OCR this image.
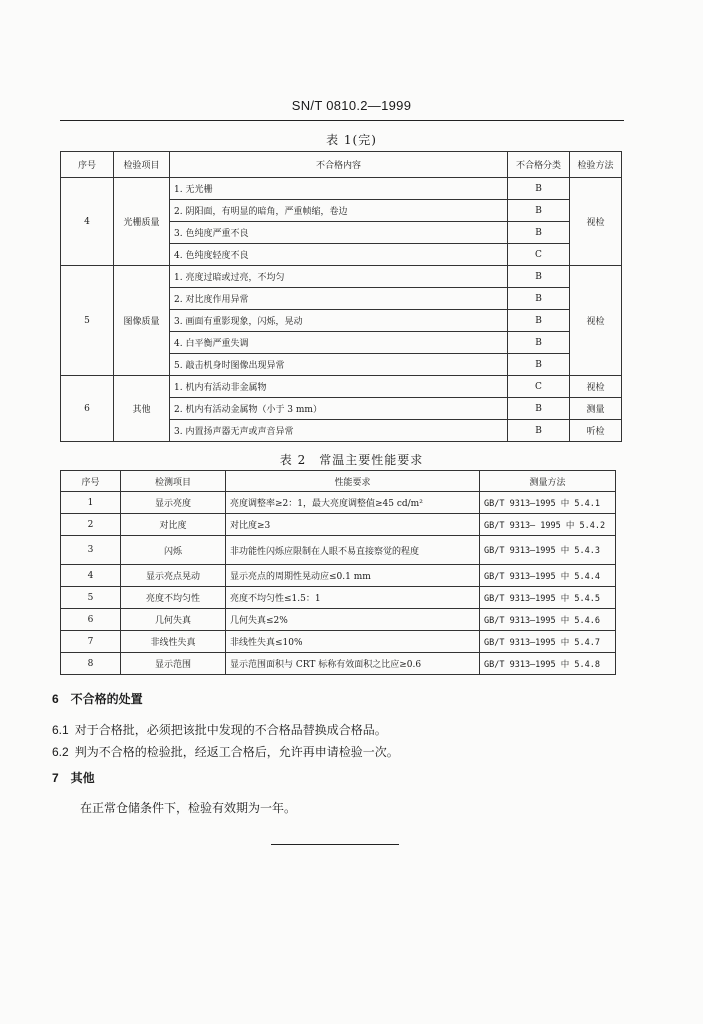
SN/T 0810.2—1999
表 1(完)
序号	检验项目	不合格内容	不合格分类	检验方法
4	光栅质量	1. 无光栅	B	视检
		2. 阴阳面，有明显的暗角，严重帧缩，卷边	B	
		3. 色纯度严重不良	B	
		4. 色纯度轻度不良	C	
5	图像质量	1. 亮度过暗或过亮，不均匀	B	视检
		2. 对比度作用异常	B	
		3. 画面有重影现象，闪烁，晃动	B	
		4. 白平衡严重失调	B	
		5. 敲击机身时图像出现异常	B	
6	其他	1. 机内有活动非金属物	C	视检
		2. 机内有活动金属物（小于 3 mm）	B	测量
		3. 内置扬声器无声或声音异常	B	听检
表 2　常温主要性能要求
序号	检测项目	性能要求	测量方法
1	显示亮度	亮度调整率≥2：1，最大亮度调整值≥45 cd/m²	GB/T 9313—1995 中 5.4.1
2	对比度	对比度≥3	GB/T 9313— 1995 中 5.4.2
3	闪烁	非功能性闪烁应限制在人眼不易直接察觉的程度	GB/T 9313—1995 中 5.4.3
4	显示亮点晃动	显示亮点的周期性晃动应≤0.1 mm	GB/T 9313—1995 中 5.4.4
5	亮度不均匀性	亮度不均匀性≤1.5：1	GB/T 9313—1995 中 5.4.5
6	几何失真	几何失真≤2%	GB/T 9313—1995 中 5.4.6
7	非线性失真	非线性失真≤10%	GB/T 9313—1995 中 5.4.7
8	显示范围	显示范围面积与 CRT 标称有效面积之比应≥0.6	GB/T 9313—1995 中 5.4.8
6　不合格的处置
6.1 对于合格批，必须把该批中发现的不合格品替换成合格品。
6.2 判为不合格的检验批，经返工合格后，允许再申请检验一次。
7　其他
在正常仓储条件下，检验有效期为一年。
